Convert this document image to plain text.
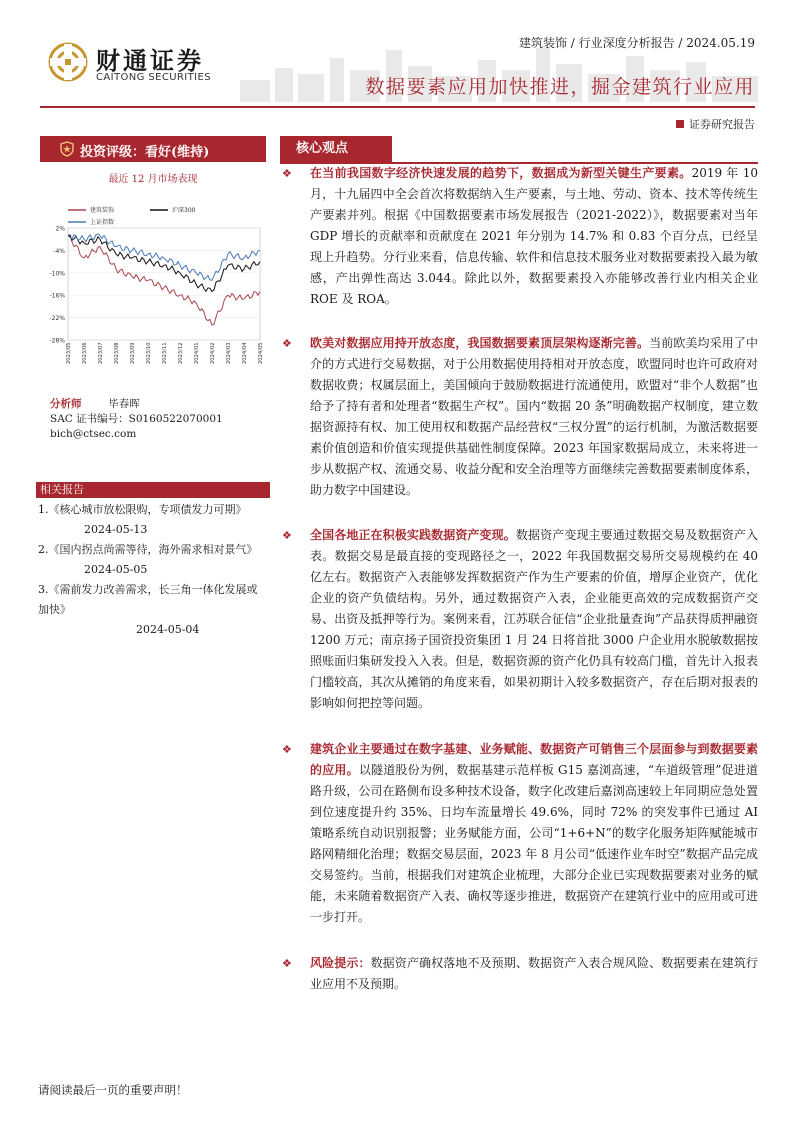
财通证券
CAITONG SECURITIES
建筑装饰 / 行业深度分析报告 / 2024.05.19
数据要素应用加快推进，掘金建筑行业应用
证券研究报告
投资评级：看好(维持)
最近 12 月市场表现
2%
-4%
-10%
-16%
-22%
-28%
2023/05 2023/06 2023/07 2023/08 2023/09 2023/10 2023/11 2023/12 2024/01 2024/02 2024/03 2024/04 2024/05
建筑装饰	沪深300
上证指数
分析师	毕春晖
SAC 证书编号：S0160522070001
bich@ctsec.com
相关报告
1.《核心城市放松限购，专项债发力可期》
2024-05-13
2.《国内拐点尚需等待，海外需求相对景气》
2024-05-05
3.《需前发力改善需求，长三角一体化发展或加快》
2024-05-04
核心观点
❖ 在当前我国数字经济快速发展的趋势下，数据成为新型关键生产要素。2019 年 10 月，十九届四中全会首次将数据纳入生产要素，与土地、劳动、资本、技术等传统生产要素并列。根据《中国数据要素市场发展报告（2021-2022）》，数据要素对当年 GDP 增长的贡献率和贡献度在 2021 年分别为 14.7% 和 0.83 个百分点，已经呈现上升趋势。分行业来看，信息传输、软件和信息技术服务业对数据要素投入最为敏感，产出弹性高达 3.044。除此以外，数据要素投入亦能够改善行业内相关企业 ROE 及 ROA。
❖ 欧美对数据应用持开放态度，我国数据要素顶层架构逐渐完善。当前欧美均采用了中介的方式进行交易数据，对于公用数据使用持相对开放态度，欧盟同时也许可政府对数据收费；权属层面上，美国倾向于鼓励数据进行流通使用，欧盟对“非个人数据”也给予了持有者和处理者“数据生产权”。国内“数据 20 条”明确数据产权制度，建立数据资源持有权、加工使用权和数据产品经营权“三权分置”的运行机制，为激活数据要素价值创造和价值实现提供基础性制度保障。2023 年国家数据局成立，未来将进一步从数据产权、流通交易、收益分配和安全治理等方面继续完善数据要素制度体系，助力数字中国建设。
❖ 全国各地正在积极实践数据资产变现。数据资产变现主要通过数据交易及数据资产入表。数据交易是最直接的变现路径之一，2022 年我国数据交易所交易规模约在 40 亿左右。数据资产入表能够发挥数据资产作为生产要素的价值，增厚企业资产，优化企业的资产负债结构。另外，通过数据资产入表，企业能更高效的完成数据资产交易、出资及抵押等行为。案例来看，江苏联合征信“企业批量查询”产品获得质押融资 1200 万元；南京扬子国资投资集团 1 月 24 日将首批 3000 户企业用水脱敏数据按照账面归集研发投入入表。但是，数据资源的资产化仍具有较高门槛，首先计入报表门槛较高，其次从摊销的角度来看，如果初期计入较多数据资产，存在后期对报表的影响如何把控等问题。
❖ 建筑企业主要通过在数字基建、业务赋能、数据资产可销售三个层面参与到数据要素的应用。以隧道股份为例，数据基建示范样板 G15 嘉浏高速，“车道级管理”促进道路升级，公司在路侧布设多种技术设备，数字化改建后嘉浏高速较上年同期应急处置到位速度提升约 35%、日均车流量增长 49.6%，同时 72% 的突发事件已通过 AI 策略系统自动识别报警；业务赋能方面，公司“1+6+N”的数字化服务矩阵赋能城市路网精细化治理；数据交易层面，2023 年 8 月公司“低速作业车时空”数据产品完成交易签约。当前，根据我们对建筑企业梳理，大部分企业已实现数据要素对业务的赋能，未来随着数据资产入表、确权等逐步推进，数据资产在建筑行业中的应用或可进一步打开。
❖ 风险提示：数据资产确权落地不及预期、数据资产入表合规风险、数据要素在建筑行业应用不及预期。
请阅读最后一页的重要声明！
